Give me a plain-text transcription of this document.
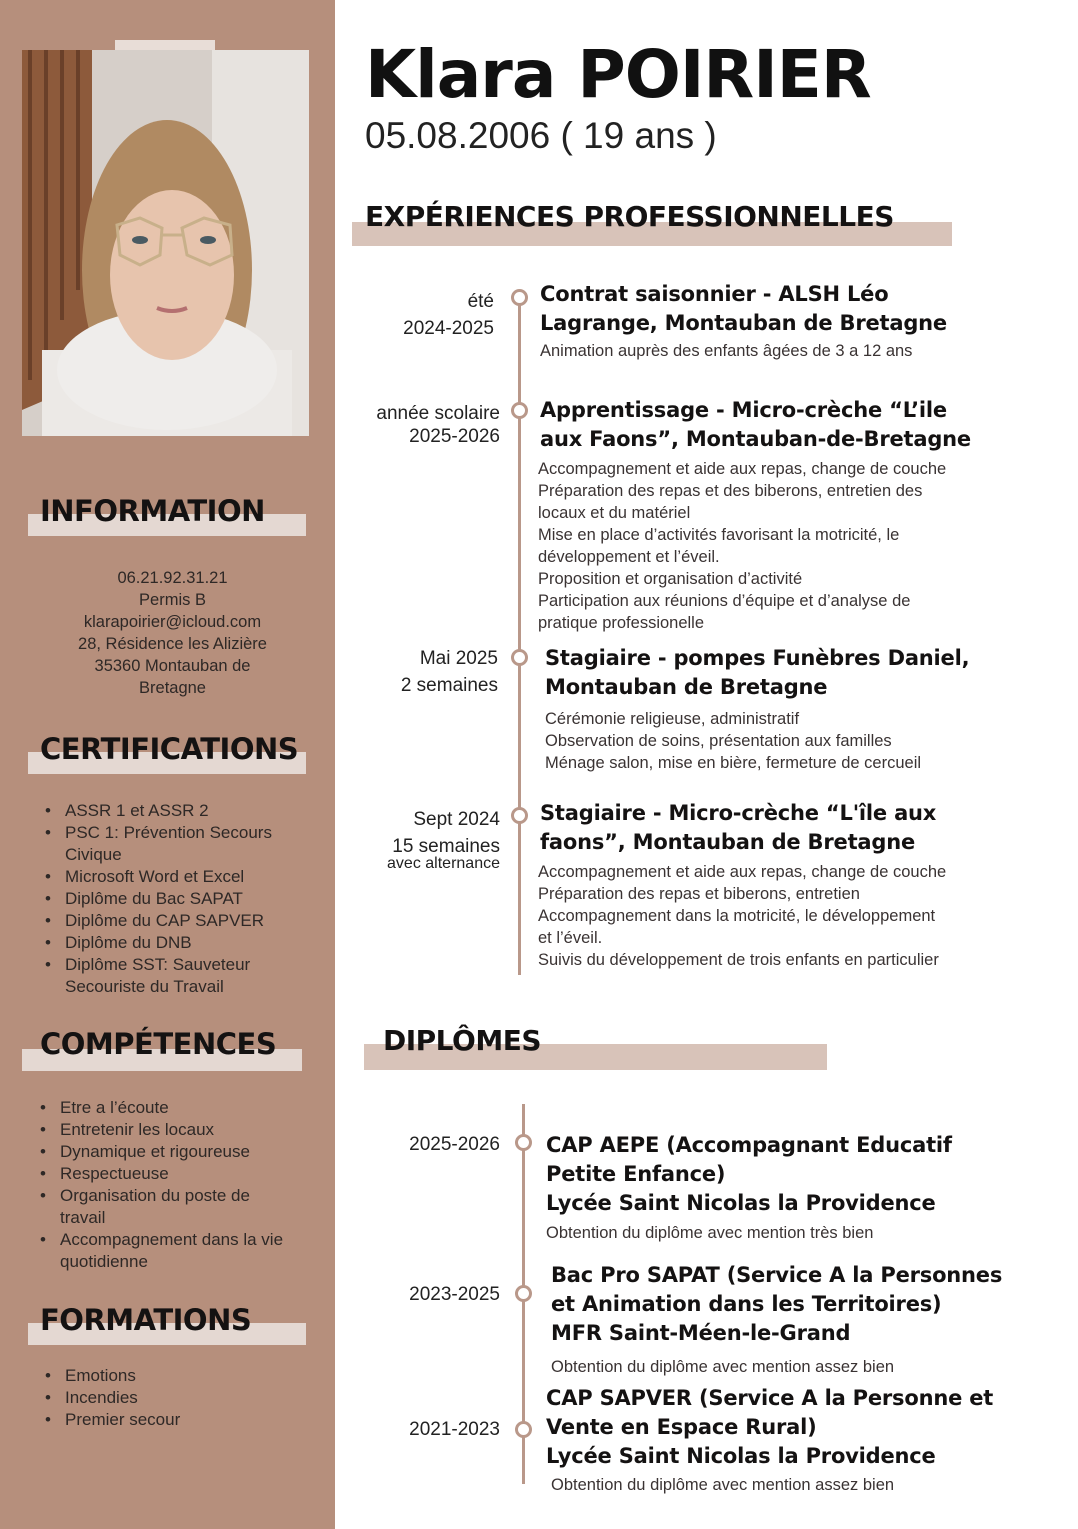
INFORMATION
06.21.92.31.21
Permis B
klarapoirier@icloud.com
28, Résidence les Alizière
35360 Montauban de
Bretagne
CERTIFICATIONS
• ASSR 1 et ASSR 2
• PSC 1: Prévention Secours Civique
• Microsoft Word et Excel
• Diplôme du Bac SAPAT
• Diplôme du CAP SAPVER
• Diplôme du DNB
• Diplôme SST: Sauveteur Secouriste du Travail
COMPÉTENCES
• Etre a l’écoute
• Entretenir les locaux
• Dynamique et rigoureuse
• Respectueuse
• Organisation du poste de travail
• Accompagnement dans la vie quotidienne
FORMATIONS
• Emotions
• Incendies
• Premier secour
Klara POIRIER
05.08.2006 ( 19 ans )
EXPÉRIENCES PROFESSIONNELLES
été
2024-2025
Contrat saisonnier - ALSH Léo
Lagrange, Montauban de Bretagne
Animation auprès des enfants âgées de 3 a 12 ans
année scolaire
2025-2026
Apprentissage - Micro-crèche “L’ile
aux Faons”, Montauban-de-Bretagne
Accompagnement et aide aux repas, change de couche
Préparation des repas et des biberons, entretien des
locaux et du matériel
Mise en place d’activités favorisant la motricité, le
développement et l’éveil.
Proposition et organisation d’activité
Participation aux réunions d’équipe et d’analyse de
pratique professionelle
Mai 2025
2 semaines
Stagiaire - pompes Funèbres Daniel,
Montauban de Bretagne
Cérémonie religieuse, administratif
Observation de soins, présentation aux familles
Ménage salon, mise en bière, fermeture de cercueil
Sept 2024
15 semaines
avec alternance
Stagiaire - Micro-crèche “L'île aux
faons”, Montauban de Bretagne
Accompagnement et aide aux repas, change de couche
Préparation des repas et biberons, entretien
Accompagnement dans la motricité, le développement
et l’éveil.
Suivis du développement de trois enfants en particulier
DIPLÔMES
2025-2026 CAP AEPE (Accompagnant Educatif
Petite Enfance)
Lycée Saint Nicolas la Providence
Obtention du diplôme avec mention très bien
2023-2025
Bac Pro SAPAT (Service A la Personnes
et Animation dans les Territoires)
MFR Saint-Méen-le-Grand
Obtention du diplôme avec mention assez bien
2021-2023
CAP SAPVER (Service A la Personne et
Vente en Espace Rural)
Lycée Saint Nicolas la Providence
Obtention du diplôme avec mention assez bien
